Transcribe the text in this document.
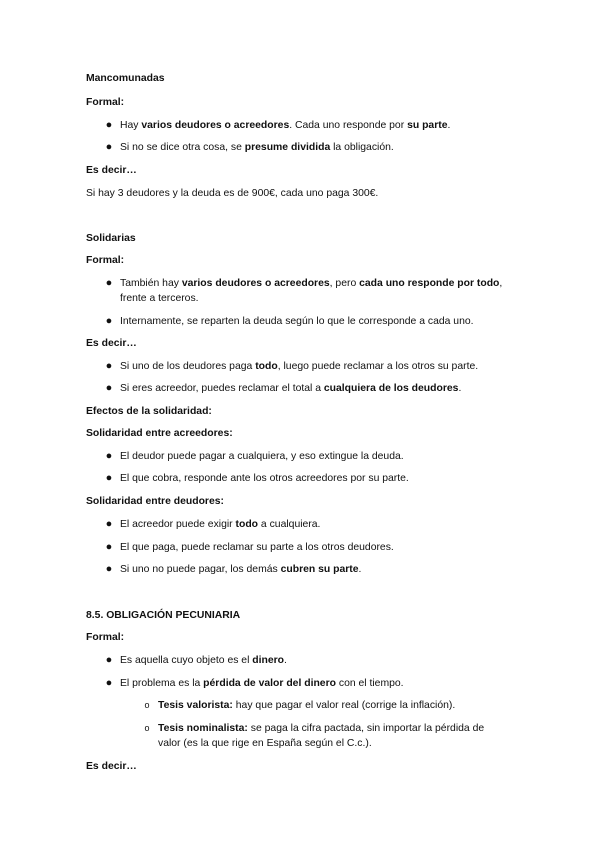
Mancomunadas
Formal:
● Hay varios deudores o acreedores. Cada uno responde por su parte.
● Si no se dice otra cosa, se presume dividida la obligación.
Es decir…
Si hay 3 deudores y la deuda es de 900€, cada uno paga 300€.
Solidarias
Formal:
● También hay varios deudores o acreedores, pero cada uno responde por todo,
frente a terceros.
● Internamente, se reparten la deuda según lo que le corresponde a cada uno.
Es decir…
● Si uno de los deudores paga todo, luego puede reclamar a los otros su parte.
● Si eres acreedor, puedes reclamar el total a cualquiera de los deudores.
Efectos de la solidaridad:
Solidaridad entre acreedores:
● El deudor puede pagar a cualquiera, y eso extingue la deuda.
● El que cobra, responde ante los otros acreedores por su parte.
Solidaridad entre deudores:
● El acreedor puede exigir todo a cualquiera.
● El que paga, puede reclamar su parte a los otros deudores.
● Si uno no puede pagar, los demás cubren su parte.
8.5. OBLIGACIÓN PECUNIARIA
Formal:
● Es aquella cuyo objeto es el dinero.
● El problema es la pérdida de valor del dinero con el tiempo.
o Tesis valorista: hay que pagar el valor real (corrige la inflación).
o Tesis nominalista: se paga la cifra pactada, sin importar la pérdida de
valor (es la que rige en España según el C.c.).
Es decir…
